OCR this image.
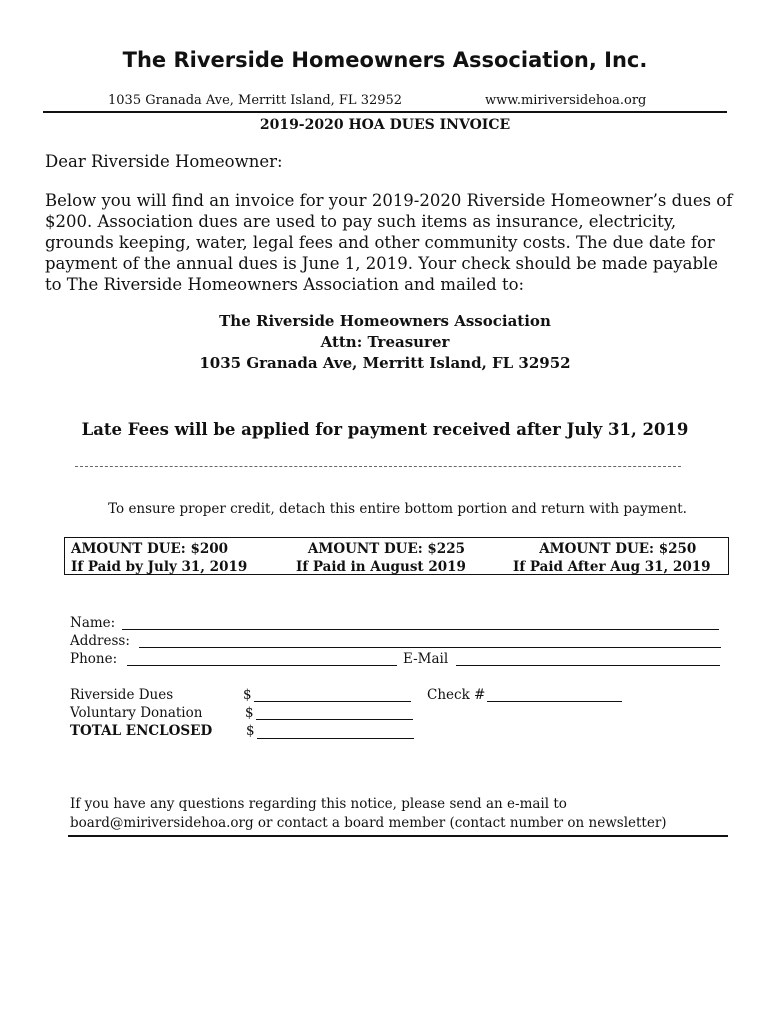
The Riverside Homeowners Association, Inc.
1035 Granada Ave, Merritt Island, FL 32952	www.miriversidehoa.org
2019-2020 HOA DUES INVOICE
Dear Riverside Homeowner:
Below you will find an invoice for your 2019-2020 Riverside Homeowner’s dues of $200. Association dues are used to pay such items as insurance, electricity, grounds keeping, water, legal fees and other community costs. The due date for payment of the annual dues is June 1, 2019. Your check should be made payable to The Riverside Homeowners Association and mailed to:
The Riverside Homeowners Association
Attn: Treasurer
1035 Granada Ave, Merritt Island, FL 32952
Late Fees will be applied for payment received after July 31, 2019
To ensure proper credit, detach this entire bottom portion and return with payment.
AMOUNT DUE: $200
If Paid by July 31, 2019
AMOUNT DUE: $225
If Paid in August 2019
AMOUNT DUE: $250
If Paid After Aug 31, 2019
Name:
Address:
Phone:	E-Mail
Riverside Dues	$	Check #
Voluntary Donation	$
TOTAL ENCLOSED	$
If you have any questions regarding this notice, please send an e-mail to
board@miriversidehoa.org or contact a board member (contact number on newsletter)
